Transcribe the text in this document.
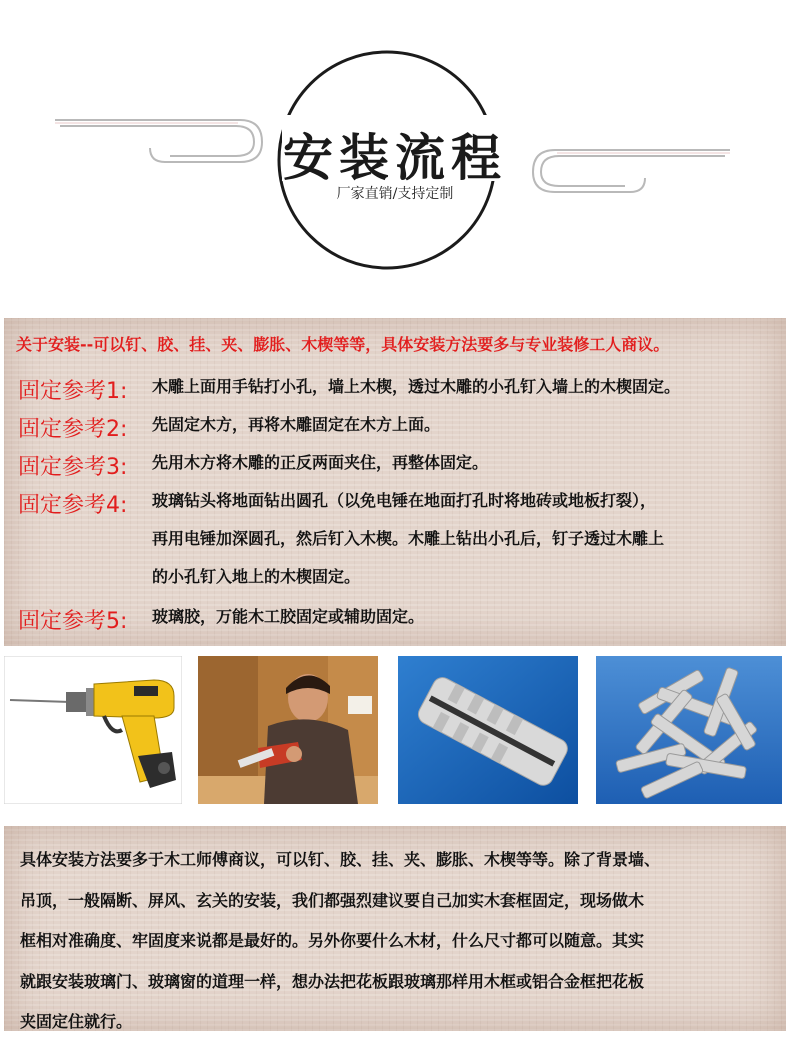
安装流程
厂家直销/支持定制
关于安装--可以钉、胶、挂、夹、膨胀、木楔等等，具体安装方法要多与专业装修工人商议。
固定参考1: 木雕上面用手钻打小孔，墙上木楔，透过木雕的小孔钉入墙上的木楔固定。
固定参考2: 先固定木方，再将木雕固定在木方上面。
固定参考3: 先用木方将木雕的正反两面夹住，再整体固定。
固定参考4: 玻璃钻头将地面钻出圆孔（以免电锤在地面打孔时将地砖或地板打裂），
再用电锤加深圆孔，然后钉入木楔。木雕上钻出小孔后，钉子透过木雕上
的小孔钉入地上的木楔固定。
固定参考5: 玻璃胶，万能木工胶固定或辅助固定。
具体安装方法要多于木工师傅商议，可以钉、胶、挂、夹、膨胀、木楔等等。除了背景墙、
吊顶，一般隔断、屏风、玄关的安装，我们都强烈建议要自己加实木套框固定，现场做木
框相对准确度、牢固度来说都是最好的。另外你要什么木材，什么尺寸都可以随意。其实
就跟安装玻璃门、玻璃窗的道理一样，想办法把花板跟玻璃那样用木框或铝合金框把花板
夹固定住就行。
